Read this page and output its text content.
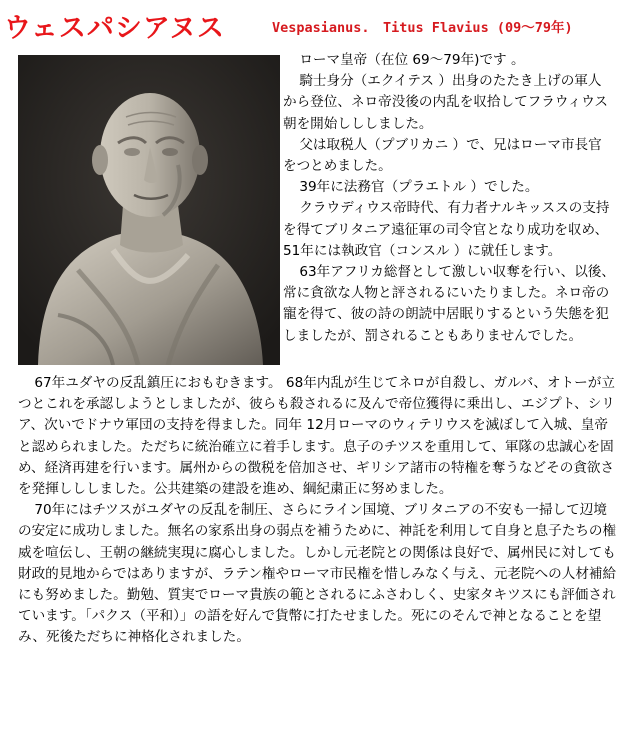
ウェスパシアヌス	Vespasianus.　Titus Flavius (09～79年)

ローマ皇帝（在位 69～79年)です 。

騎士身分（エクイテス ）出身のたたき上げの軍人から登位、ネロ帝没後の内乱を収拾してフラウィウス朝を開始しししました。

父は取税人（プブリカニ ）で、兄はローマ市長官をつとめました。

39年に法務官（プラエトル ）でした。

クラウディウス帝時代、有力者ナルキッススの支持を得てブリタニア遠征軍の司令官となり成功を収め、51年には執政官（コンスル ）に就任します。

63年アフリカ総督として激しい収奪を行い、以後、常に貪欲な人物と評されるにいたりました。ネロ帝の寵を得て、彼の詩の朗読中居眠りするという失態を犯しましたが、罰されることもありませんでした。

67年ユダヤの反乱鎮圧におもむきます。 68年内乱が生じてネロが自殺し、ガルバ、オトーが立つとこれを承認しようとしましたが、彼らも殺されるに及んで帝位獲得に乗出し、エジプト、シリア、次いでドナウ軍団の支持を得ました。同年 12月ローマのウィテリウスを滅ぼして入城、皇帝と認められました。ただちに統治確立に着手します。息子のチツスを重用して、軍隊の忠誠心を固め、経済再建を行います。属州からの徴税を倍加させ、ギリシア諸市の特権を奪うなどその貪欲さを発揮しししました。公共建築の建設を進め、綱紀粛正に努めました。

70年にはチツスがユダヤの反乱を制圧、さらにライン国境、ブリタニアの不安も一掃して辺境の安定に成功しました。無名の家系出身の弱点を補うために、神託を利用して自身と息子たちの権威を喧伝し、王朝の継続実現に腐心しました。しかし元老院との関係は良好で、属州民に対しても財政的見地からではありますが、ラテン権やローマ市民権を惜しみなく与え、元老院への人材補給にも努めました。勤勉、質実でローマ貴族の範とされるにふさわしく、史家タキツスにも評価されています。「パクス（平和）」の語を好んで貨幣に打たせました。死にのそんで神となることを望み、死後ただちに神格化されました。
